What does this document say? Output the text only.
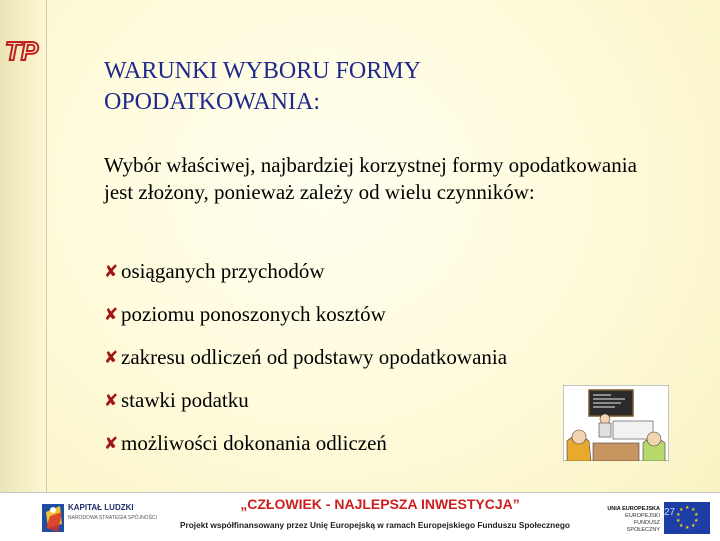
TP
WARUNKI WYBORU FORMY
OPODATKOWANIA:
Wybór właściwej, najbardziej korzystnej formy opodatkowania jest złożony, ponieważ zależy od wielu czynników:
✘ osiąganych przychodów
✘ poziomu ponoszonych kosztów
✘ zakresu odliczeń od podstawy opodatkowania
✘ stawki podatku
✘ możliwości dokonania odliczeń
KAPITAŁ LUDZKI
NARODOWA STRATEGIA SPÓJNOŚCI
„CZŁOWIEK - NAJLEPSZA INWESTYCJA”
Projekt współfinansowany przez Unię Europejską w ramach Europejskiego Funduszu Społecznego
UNIA EUROPEJSKA
EUROPEJSKI
FUNDUSZ SPOŁECZNY
★ ★
★
★
★
★
★
★
★
★
27
